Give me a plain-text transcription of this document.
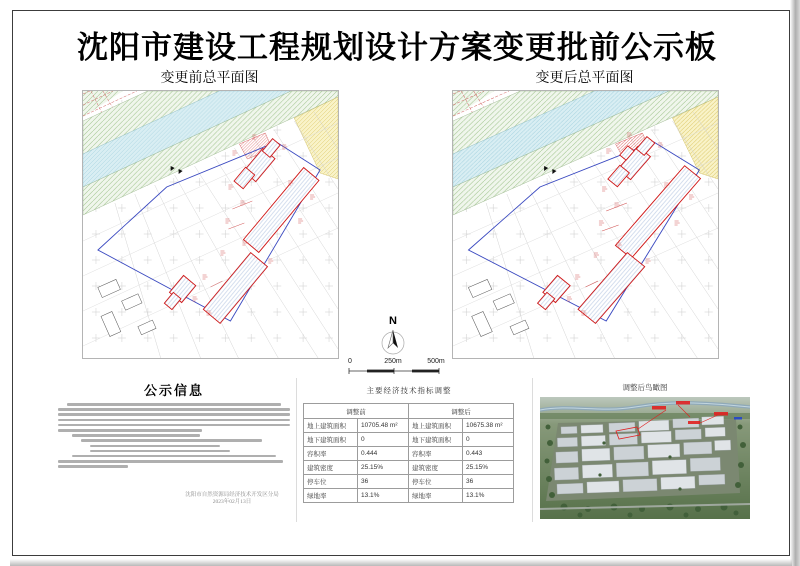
沈阳市建设工程规划设计方案变更批前公示板
变更前总平面图	变更后总平面图
N
0	250m	500m
公示信息
沈阳市自然资源局经济技术开发区分局
2023年02月13日
主要经济技术指标调整
调整前		调整后	
地上建筑面积	10705.48 m²	地上建筑面积	10675.38 m²
地下建筑面积	0	地下建筑面积	0
容积率	0.444	容积率	0.443
建筑密度	25.15%	建筑密度	25.15%
停车位	36	停车位	36
绿地率	13.1%	绿地率	13.1%
调整后鸟瞰图
